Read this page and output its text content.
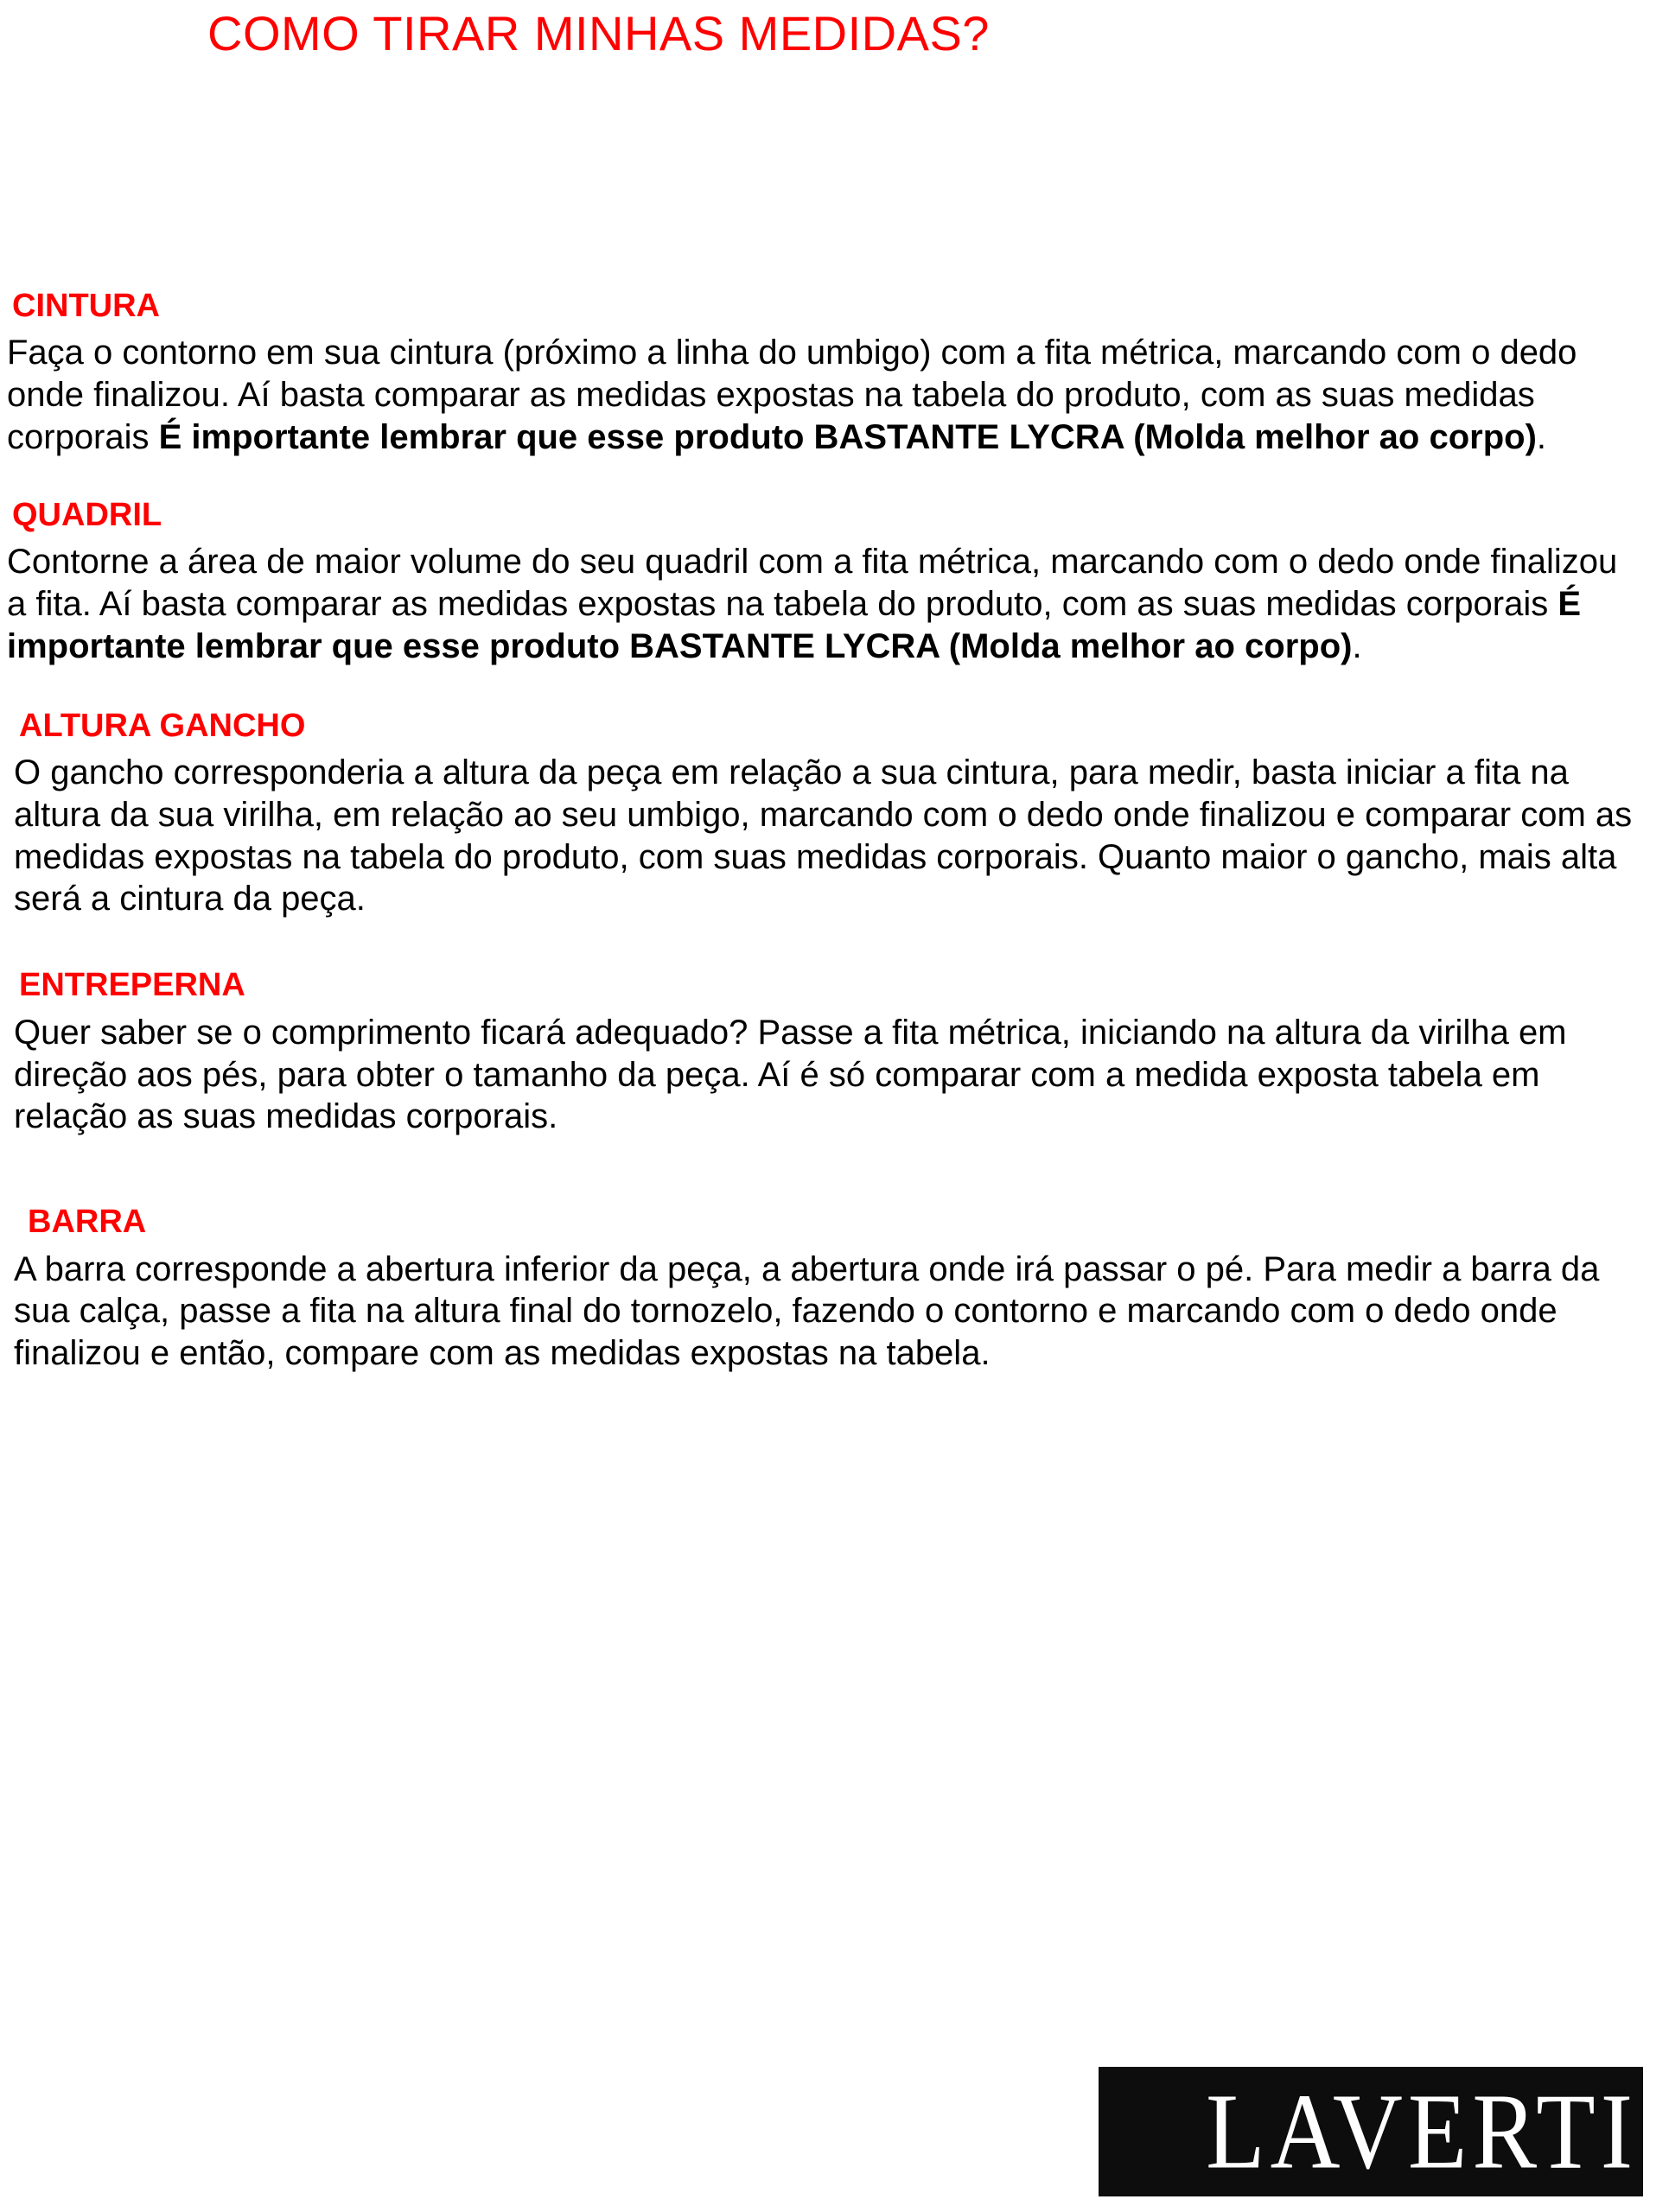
COMO TIRAR MINHAS MEDIDAS?
CINTURA

Faça o contorno em sua cintura (próximo a linha do umbigo) com a fita métrica, marcando com o dedo onde finalizou. Aí basta comparar as medidas expostas na tabela do produto, com as suas medidas corporais É importante lembrar que esse produto BASTANTE LYCRA (Molda melhor ao corpo).

QUADRIL

Contorne a área de maior volume do seu quadril com a fita métrica, marcando com o dedo onde finalizou a fita. Aí basta comparar as medidas expostas na tabela do produto, com as suas medidas corporais É importante lembrar que esse produto BASTANTE LYCRA (Molda melhor ao corpo).

ALTURA GANCHO

O gancho corresponderia a altura da peça em relação a sua cintura, para medir, basta iniciar a fita na altura da sua virilha, em relação ao seu umbigo, marcando com o dedo onde finalizou e comparar com as medidas expostas na tabela do produto, com suas medidas corporais. Quanto maior o gancho, mais alta será a cintura da peça.

ENTREPERNA

Quer saber se o comprimento ficará adequado? Passe a fita métrica, iniciando na altura da virilha em direção aos pés, para obter o tamanho da peça. Aí é só comparar com a medida exposta tabela em relação as suas medidas corporais.

BARRA

A barra corresponde a abertura inferior da peça, a abertura onde irá passar o pé. Para medir a barra da sua calça, passe a fita na altura final do tornozelo, fazendo o contorno e marcando com o dedo onde finalizou e então, compare com as medidas expostas na tabela.

LAVERTI
